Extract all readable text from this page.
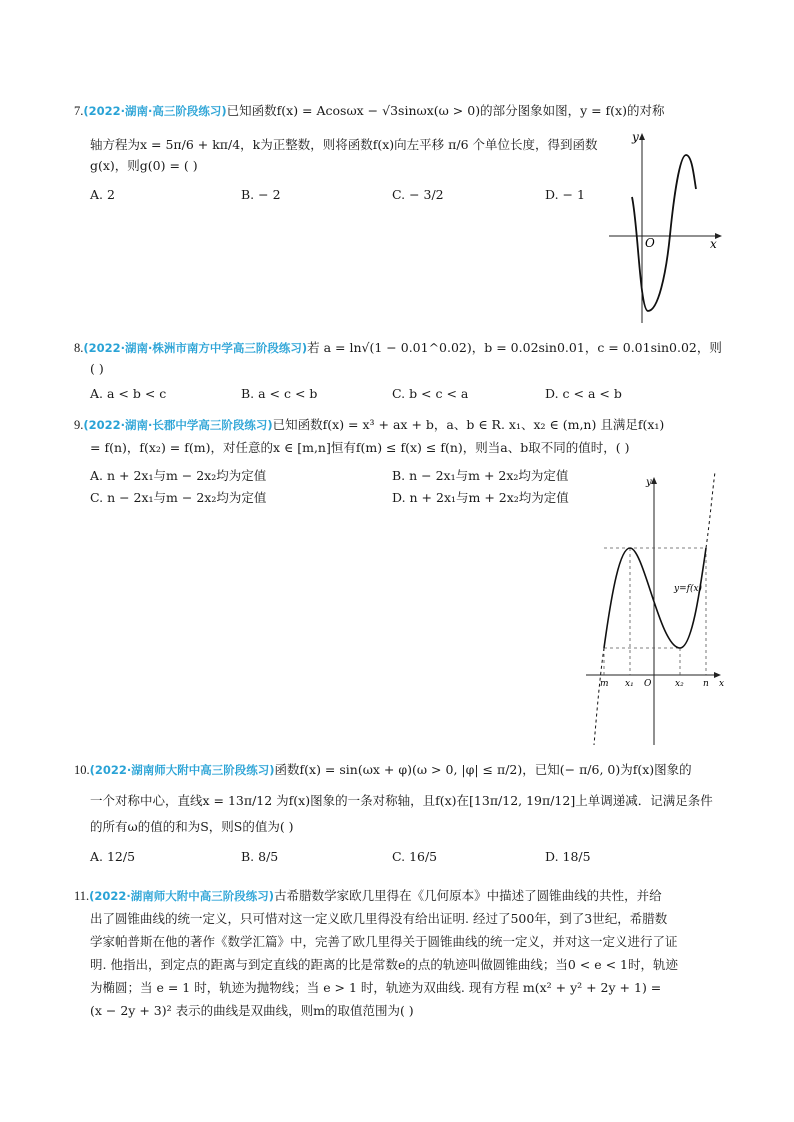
7.(2022·湖南·高三阶段练习)已知函数f(x) = Acosωx − √3sinωx(ω > 0)的部分图象如图，y = f(x)的对称
轴方程为x = 5π/6 + kπ/4，k为正整数，则将函数f(x)向左平移 π/6 个单位长度，得到函数
g(x)，则g(0) = ( )
A. 2	B. − 2	C. − 3/2	D. − 1
y
O	x
8.(2022·湖南·株洲市南方中学高三阶段练习)若 a = ln√(1 − 0.01^0.02)，b = 0.02sin0.01，c = 0.01sin0.02，则
( )
A. a < b < c	B. a < c < b	C. b < c < a	D. c < a < b
9.(2022·湖南·长郡中学高三阶段练习)已知函数f(x) = x³ + ax + b，a、b ∈ R. x₁、x₂ ∈ (m,n) 且满足f(x₁)
= f(n)，f(x₂) = f(m)，对任意的x ∈ [m,n]恒有f(m) ≤ f(x) ≤ f(n)，则当a、b取不同的值时，( )
A. n + 2x₁与m − 2x₂均为定值	B. n − 2x₁与m + 2x₂均为定值
C. n − 2x₁与m − 2x₂均为定值	D. n + 2x₁与m + 2x₂均为定值
y
y=f(x)
m x₁ O	x₂ n x
10.(2022·湖南师大附中高三阶段练习)函数f(x) = sin(ωx + φ)(ω > 0, |φ| ≤ π/2)，已知(− π/6, 0)为f(x)图象的
一个对称中心，直线x = 13π/12 为f(x)图象的一条对称轴，且f(x)在[13π/12, 19π/12]上单调递减．记满足条件
的所有ω的值的和为S，则S的值为( )
A. 12/5	B. 8/5	C. 16/5	D. 18/5
11.(2022·湖南师大附中高三阶段练习)古希腊数学家欧几里得在《几何原本》中描述了圆锥曲线的共性，并给
出了圆锥曲线的统一定义，只可惜对这一定义欧几里得没有给出证明. 经过了500年，到了3世纪，希腊数
学家帕普斯在他的著作《数学汇篇》中，完善了欧几里得关于圆锥曲线的统一定义，并对这一定义进行了证
明. 他指出，到定点的距离与到定直线的距离的比是常数e的点的轨迹叫做圆锥曲线；当0 < e < 1时，轨迹
为椭圆；当 e = 1 时，轨迹为抛物线；当 e > 1 时，轨迹为双曲线. 现有方程 m(x² + y² + 2y + 1) =
(x − 2y + 3)² 表示的曲线是双曲线，则m的取值范围为( )
